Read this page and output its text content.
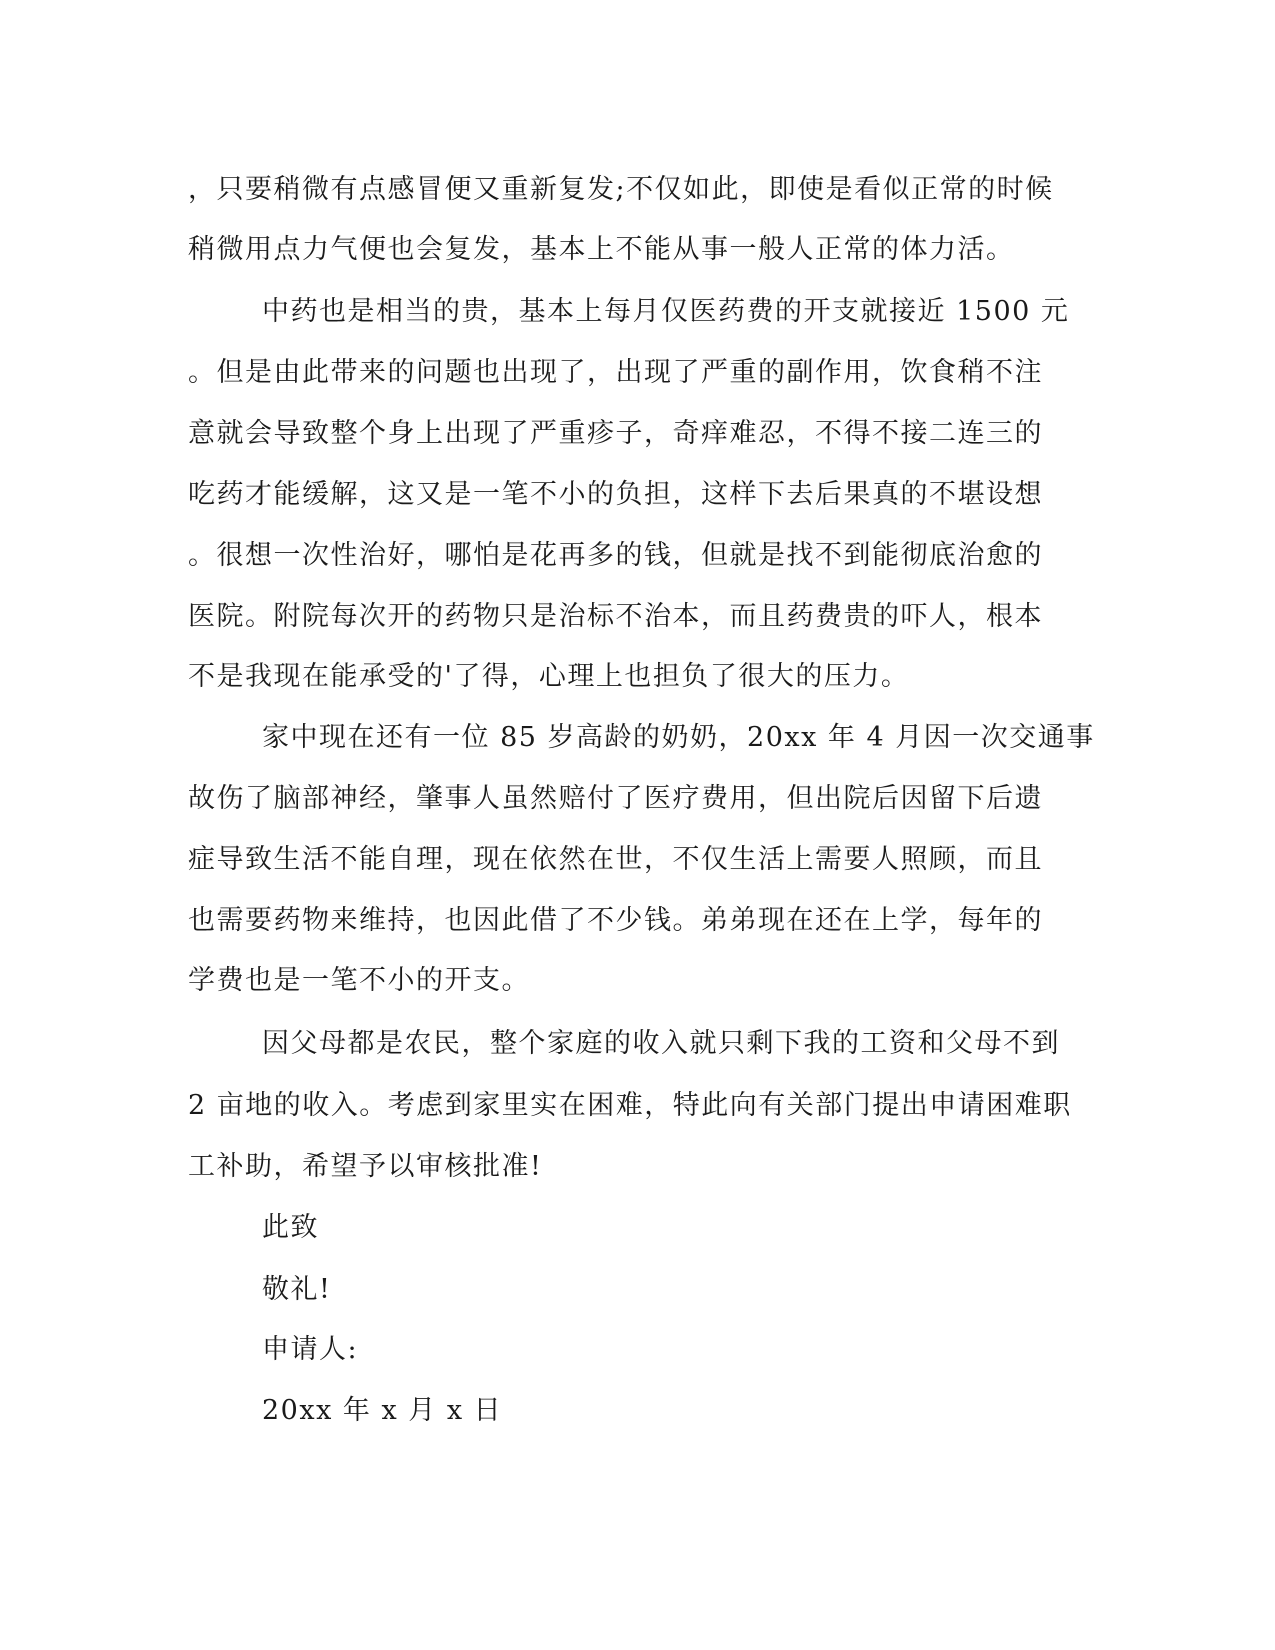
，只要稍微有点感冒便又重新复发;不仅如此，即使是看似正常的时候
稍微用点力气便也会复发，基本上不能从事一般人正常的体力活。
中药也是相当的贵，基本上每月仅医药费的开支就接近 1500 元
。但是由此带来的问题也出现了，出现了严重的副作用，饮食稍不注
意就会导致整个身上出现了严重疹子，奇痒难忍，不得不接二连三的
吃药才能缓解，这又是一笔不小的负担，这样下去后果真的不堪设想
。很想一次性治好，哪怕是花再多的钱，但就是找不到能彻底治愈的
医院。附院每次开的药物只是治标不治本，而且药费贵的吓人，根本
不是我现在能承受的'了得，心理上也担负了很大的压力。
家中现在还有一位 85 岁高龄的奶奶，20xx 年 4 月因一次交通事
故伤了脑部神经，肇事人虽然赔付了医疗费用，但出院后因留下后遗
症导致生活不能自理，现在依然在世，不仅生活上需要人照顾，而且
也需要药物来维持，也因此借了不少钱。弟弟现在还在上学，每年的
学费也是一笔不小的开支。
因父母都是农民，整个家庭的收入就只剩下我的工资和父母不到
2 亩地的收入。考虑到家里实在困难，特此向有关部门提出申请困难职
工补助，希望予以审核批准!
此致
敬礼!
申请人:
20xx 年 x 月 x 日
